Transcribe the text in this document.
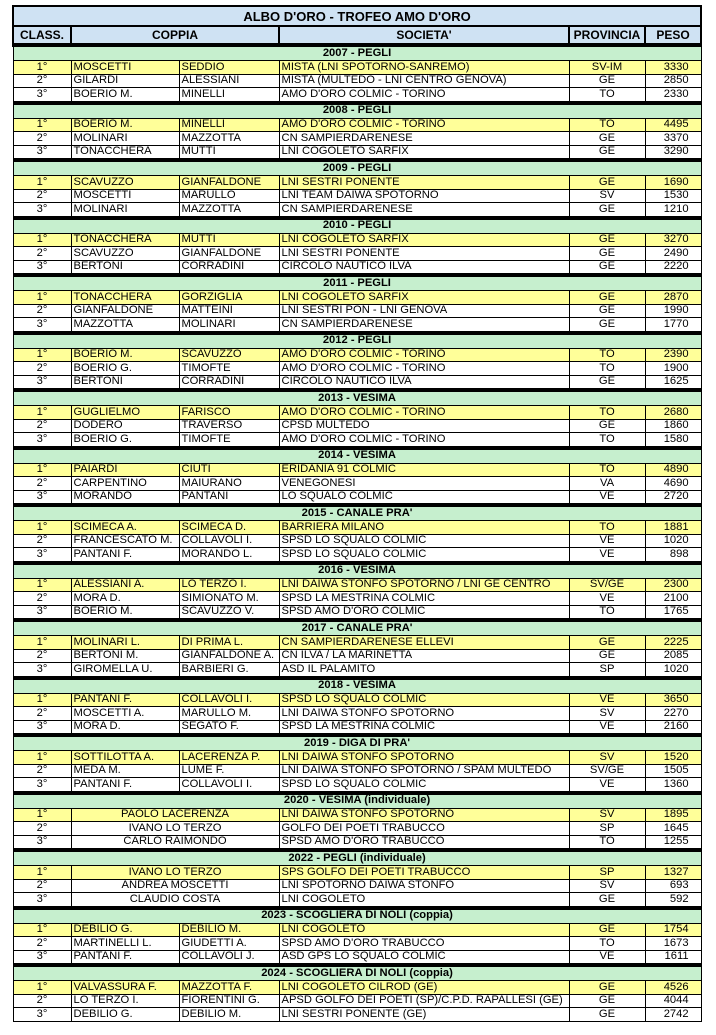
ALBO D'ORO - TROFEO AMO D'ORO					
CLASS.	COPPIA		SOCIETA'	PROVINCIA	PESO
2007 - PEGLI					
1°	MOSCETTI	SEDDIO	MISTA (LNI SPOTORNO-SANREMO)	SV-IM	3330
2°	GILARDI	ALESSIANI	MISTA (MULTEDO - LNI CENTRO GENOVA)	GE	2850
3°	BOERIO M.	MINELLI	AMO D'ORO COLMIC - TORINO	TO	2330
2008 - PEGLI					
1°	BOERIO M.	MINELLI	AMO D'ORO COLMIC - TORINO	TO	4495
2°	MOLINARI	MAZZOTTA	CN SAMPIERDARENESE	GE	3370
3°	TONACCHERA	MUTTI	LNI COGOLETO SARFIX	GE	3290
2009 - PEGLI					
1°	SCAVUZZO	GIANFALDONE	LNI SESTRI PONENTE	GE	1690
2°	MOSCETTI	MARULLO	LNI TEAM DAIWA SPOTORNO	SV	1530
3°	MOLINARI	MAZZOTTA	CN SAMPIERDARENESE	GE	1210
2010 - PEGLI					
1°	TONACCHERA	MUTTI	LNI COGOLETO SARFIX	GE	3270
2°	SCAVUZZO	GIANFALDONE	LNI SESTRI PONENTE	GE	2490
3°	BERTONI	CORRADINI	CIRCOLO NAUTICO ILVA	GE	2220
2011 - PEGLI					
1°	TONACCHERA	GORZIGLIA	LNI COGOLETO SARFIX	GE	2870
2°	GIANFALDONE	MATTEINI	LNI SESTRI PON - LNI GENOVA	GE	1990
3°	MAZZOTTA	MOLINARI	CN SAMPIERDARENESE	GE	1770
2012 - PEGLI					
1°	BOERIO M.	SCAVUZZO	AMO D'ORO COLMIC - TORINO	TO	2390
2°	BOERIO G.	TIMOFTE	AMO D'ORO COLMIC - TORINO	TO	1900
3°	BERTONI	CORRADINI	CIRCOLO NAUTICO ILVA	GE	1625
2013 - VESIMA					
1°	GUGLIELMO	FARISCO	AMO D'ORO COLMIC - TORINO	TO	2680
2°	DODERO	TRAVERSO	CPSD MULTEDO	GE	1860
3°	BOERIO G.	TIMOFTE	AMO D'ORO COLMIC - TORINO	TO	1580
2014 - VESIMA					
1°	PAIARDI	CIUTI	ERIDANIA 91 COLMIC	TO	4890
2°	CARPENTINO	MAIURANO	VENEGONESI	VA	4690
3°	MORANDO	PANTANI	LO SQUALO COLMIC	VE	2720
2015 - CANALE PRA'					
1°	SCIMECA A.	SCIMECA D.	BARRIERA MILANO	TO	1881
2°	FRANCESCATO M.	COLLAVOLI I.	SPSD LO SQUALO COLMIC	VE	1020
3°	PANTANI F.	MORANDO L.	SPSD LO SQUALO COLMIC	VE	898
2016 - VESIMA					
1°	ALESSIANI A.	LO TERZO I.	LNI DAIWA STONFO SPOTORNO / LNI GE CENTRO	SV/GE	2300
2°	MORA D.	SIMIONATO M.	SPSD LA MESTRINA COLMIC	VE	2100
3°	BOERIO M.	SCAVUZZO V.	SPSD AMO D'ORO COLMIC	TO	1765
2017 - CANALE PRA'					
1°	MOLINARI L.	DI PRIMA L.	CN SAMPIERDARENESE ELLEVI	GE	2225
2°	BERTONI M.	GIANFALDONE A.	CN ILVA / LA MARINETTA	GE	2085
3°	GIROMELLA U.	BARBIERI G.	ASD IL PALAMITO	SP	1020
2018 - VESIMA					
1°	PANTANI F.	COLLAVOLI I.	SPSD LO SQUALO COLMIC	VE	3650
2°	MOSCETTI A.	MARULLO M.	LNI DAIWA STONFO SPOTORNO	SV	2270
3°	MORA D.	SEGATO F.	SPSD LA MESTRINA COLMIC	VE	2160
2019 - DIGA DI PRA'					
1°	SOTTILOTTA A.	LACERENZA P.	LNI DAIWA STONFO SPOTORNO	SV	1520
2°	MEDA M.	LUME F.	LNI DAIWA STONFO SPOTORNO / SPAM MULTEDO	SV/GE	1505
3°	PANTANI F.	COLLAVOLI I.	SPSD LO SQUALO COLMIC	VE	1360
2020 - VESIMA (individuale)					
1°	PAOLO LACERENZA		LNI DAIWA STONFO SPOTORNO	SV	1895
2°	IVANO LO TERZO		GOLFO DEI POETI TRABUCCO	SP	1645
3°	CARLO RAIMONDO		SPSD AMO D'ORO TRABUCCO	TO	1255
2022 - PEGLI (individuale)					
1°	IVANO LO TERZO		SPS GOLFO DEI POETI TRABUCCO	SP	1327
2°	ANDREA MOSCETTI		LNI SPOTORNO DAIWA STONFO	SV	693
3°	CLAUDIO COSTA		LNI COGOLETO	GE	592
2023 - SCOGLIERA DI NOLI (coppia)					
1°	DEBILIO G.	DEBILIO M.	LNI COGOLETO	GE	1754
2°	MARTINELLI L.	GIUDETTI A.	SPSD AMO D'ORO TRABUCCO	TO	1673
3°	PANTANI F.	COLLAVOLI J.	ASD GPS LO SQUALO COLMIC	VE	1611
2024 - SCOGLIERA DI NOLI (coppia)					
1°	VALVASSURA F.	MAZZOTTA F.	LNI COGOLETO CILROD (GE)	GE	4526
2°	LO TERZO I.	FIORENTINI G.	APSD GOLFO DEI POETI (SP)/C.P.D. RAPALLESI (GE)	GE	4044
3°	DEBILIO G.	DEBILIO M.	LNI SESTRI PONENTE (GE)	GE	2742
